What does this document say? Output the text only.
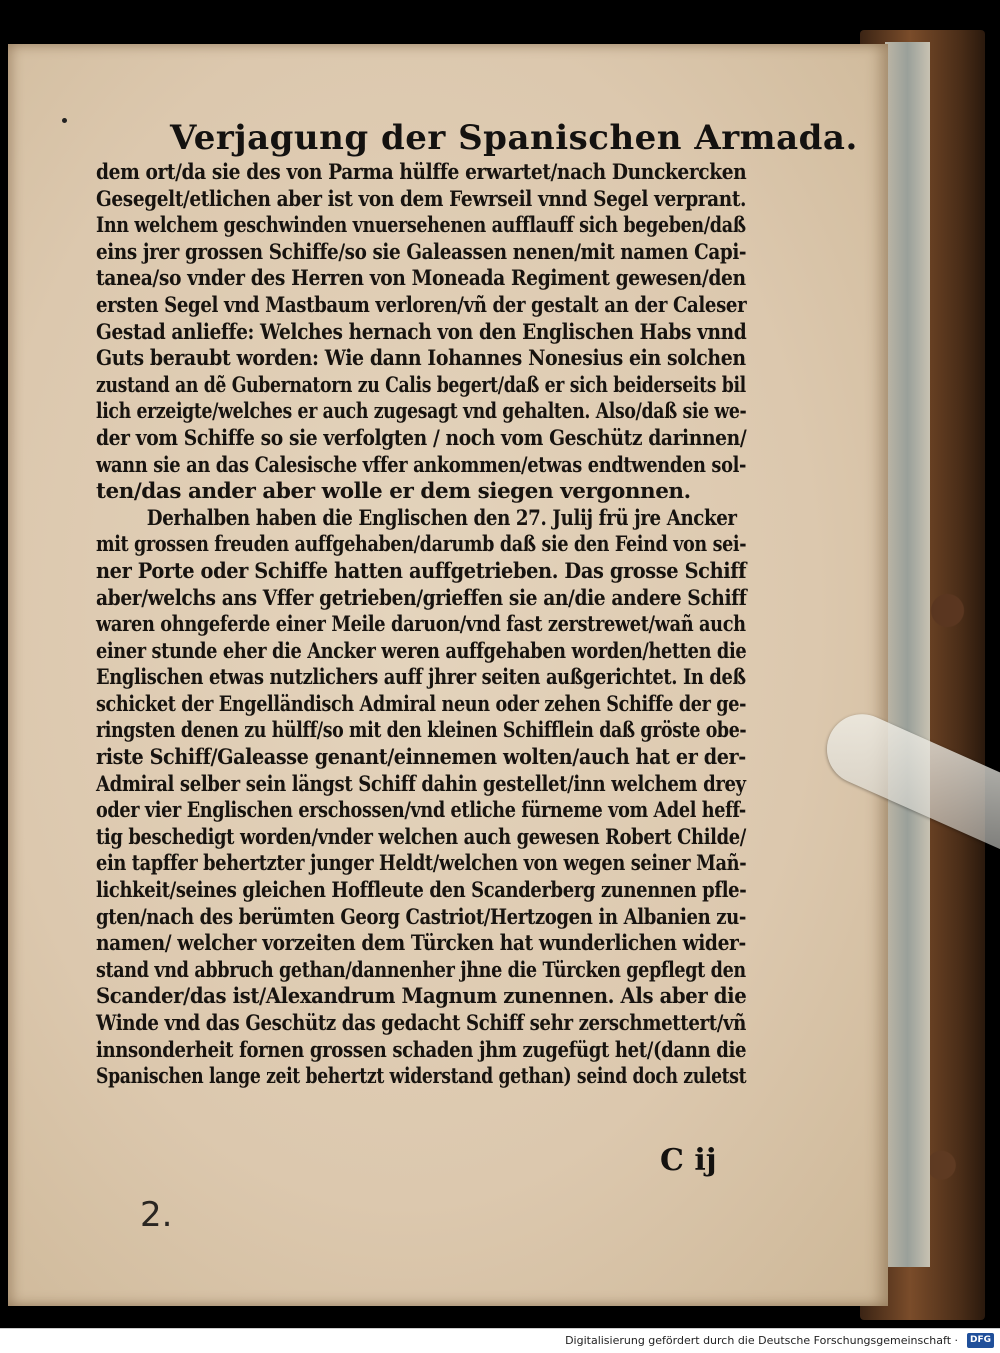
Verjagung der Spanischen Armada.
dem ort/da sie des von Parma hülffe erwartet/nach Dunckercken
Gesegelt/etlichen aber ist von dem Fewrseil vnnd Segel verprant.
Inn welchem geschwinden vnuersehenen aufflauff sich begeben/daß
eins jrer grossen Schiffe/so sie Galeassen nenen/mit namen Capi-
tanea/so vnder des Herren von Moneada Regiment gewesen/den
ersten Segel vnd Mastbaum verloren/vñ der gestalt an der Caleser
Gestad anlieffe: Welches hernach von den Englischen Habs vnnd
Guts beraubt worden: Wie dann Iohannes Nonesius ein solchen
zustand an dẽ Gubernatorn zu Calis begert/daß er sich beiderseits bil
lich erzeigte/welches er auch zugesagt vnd gehalten. Also/daß sie we-
der vom Schiffe so sie verfolgten / noch vom Geschütz darinnen/
wann sie an das Calesische vffer ankommen/etwas endtwenden sol-
ten/das ander aber wolle er dem siegen vergonnen.
Derhalben haben die Englischen den 27. Julij frü jre Ancker
mit grossen freuden auffgehaben/darumb daß sie den Feind von sei-
ner Porte oder Schiffe hatten auffgetrieben. Das grosse Schiff
aber/welchs ans Vffer getrieben/grieffen sie an/die andere Schiff
waren ohngeferde einer Meile daruon/vnd fast zerstrewet/wañ auch
einer stunde eher die Ancker weren auffgehaben worden/hetten die
Englischen etwas nutzlichers auff jhrer seiten außgerichtet. In deß
schicket der Engelländisch Admiral neun oder zehen Schiffe der ge-
ringsten denen zu hülff/so mit den kleinen Schifflein daß gröste obe-
riste Schiff/Galeasse genant/einnemen wolten/auch hat er der-
Admiral selber sein längst Schiff dahin gestellet/inn welchem drey
oder vier Englischen erschossen/vnd etliche fürneme vom Adel heff-
tig beschedigt worden/vnder welchen auch gewesen Robert Childe/
ein tapffer behertzter junger Heldt/welchen von wegen seiner Mañ-
lichkeit/seines gleichen Hoffleute den Scanderberg zunennen pfle-
gten/nach des berümten Georg Castriot/Hertzogen in Albanien zu-
namen/ welcher vorzeiten dem Türcken hat wunderlichen wider-
stand vnd abbruch gethan/dannenher jhne die Türcken gepflegt den
Scander/das ist/Alexandrum Magnum zunennen. Als aber die
Winde vnd das Geschütz das gedacht Schiff sehr zerschmettert/vñ
innsonderheit fornen grossen schaden jhm zugefügt het/(dann die
Spanischen lange zeit behertzt widerstand gethan) seind doch zuletst
C ij
2.
Digitalisierung gefördert durch die Deutsche Forschungsgemeinschaft ·	DFG
